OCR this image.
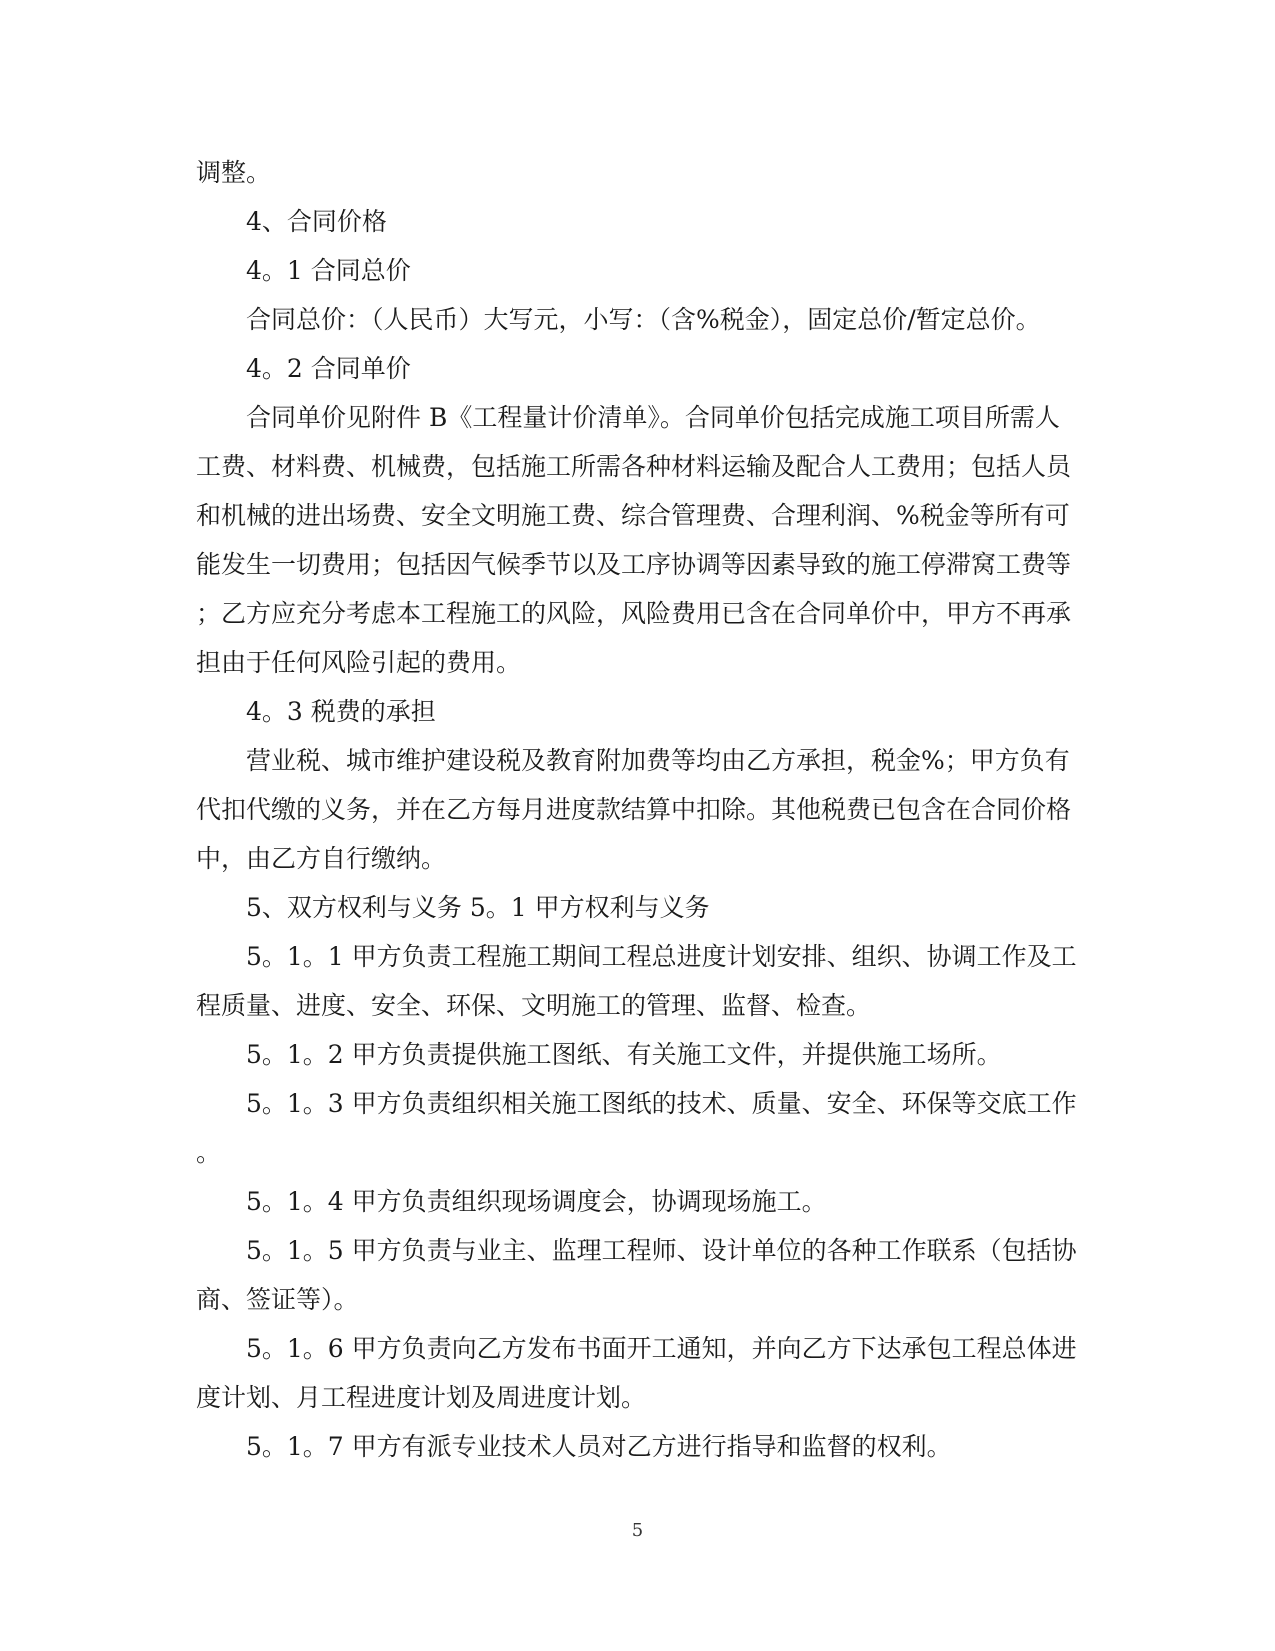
调整。
4、合同价格
4。1 合同总价
合同总价：（人民币）大写元，小写：（含%税金），固定总价/暂定总价。
4。2 合同单价
合同单价见附件 B《工程量计价清单》。合同单价包括完成施工项目所需人
工费、材料费、机械费，包括施工所需各种材料运输及配合人工费用；包括人员
和机械的进出场费、安全文明施工费、综合管理费、合理利润、%税金等所有可
能发生一切费用；包括因气候季节以及工序协调等因素导致的施工停滞窝工费等
；乙方应充分考虑本工程施工的风险，风险费用已含在合同单价中，甲方不再承
担由于任何风险引起的费用。
4。3 税费的承担
营业税、城市维护建设税及教育附加费等均由乙方承担，税金%；甲方负有
代扣代缴的义务，并在乙方每月进度款结算中扣除。其他税费已包含在合同价格
中，由乙方自行缴纳。
5、双方权利与义务 5。1 甲方权利与义务
5。1。1 甲方负责工程施工期间工程总进度计划安排、组织、协调工作及工
程质量、进度、安全、环保、文明施工的管理、监督、检查。
5。1。2 甲方负责提供施工图纸、有关施工文件，并提供施工场所。
5。1。3 甲方负责组织相关施工图纸的技术、质量、安全、环保等交底工作
。
5。1。4 甲方负责组织现场调度会，协调现场施工。
5。1。5 甲方负责与业主、监理工程师、设计单位的各种工作联系（包括协
商、签证等）。
5。1。6 甲方负责向乙方发布书面开工通知，并向乙方下达承包工程总体进
度计划、月工程进度计划及周进度计划。
5。1。7 甲方有派专业技术人员对乙方进行指导和监督的权利。
5
